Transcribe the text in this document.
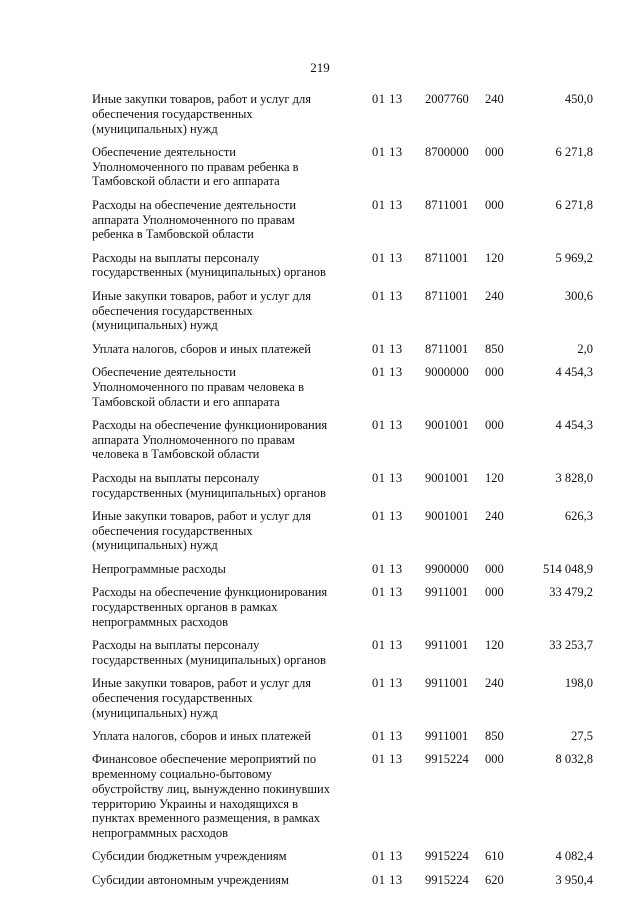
219
Иные закупки товаров, работ и услуг для
обеспечения государственных
(муниципальных) нужд
01 13 2007760 240	450,0
Обеспечение деятельности
Уполномоченного по правам ребенка в
Тамбовской области и его аппарата
01 13 8700000 000	6 271,8
Расходы на обеспечение деятельности
аппарата Уполномоченного по правам
ребенка в Тамбовской области
01 13 8711001 000	6 271,8
Расходы на выплаты персоналу
государственных (муниципальных) органов
01 13 8711001 120	5 969,2
Иные закупки товаров, работ и услуг для
обеспечения государственных
(муниципальных) нужд
01 13 8711001 240	300,6
Уплата налогов, сборов и иных платежей	01 13 8711001 850	2,0
Обеспечение деятельности
Уполномоченного по правам человека в
Тамбовской области и его аппарата
01 13 9000000 000	4 454,3
Расходы на обеспечение функционирования
аппарата Уполномоченного по правам
человека в Тамбовской области
01 13 9001001 000	4 454,3
Расходы на выплаты персоналу
государственных (муниципальных) органов
01 13 9001001 120	3 828,0
Иные закупки товаров, работ и услуг для
обеспечения государственных
(муниципальных) нужд
01 13 9001001 240	626,3
Непрограммные расходы	01 13 9900000 000	514 048,9
Расходы на обеспечение функционирования
государственных органов в рамках
непрограммных расходов
01 13 9911001 000	33 479,2
Расходы на выплаты персоналу
государственных (муниципальных) органов
01 13 9911001 120	33 253,7
Иные закупки товаров, работ и услуг для
обеспечения государственных
(муниципальных) нужд
01 13 9911001 240	198,0
Уплата налогов, сборов и иных платежей	01 13 9911001 850	27,5
Финансовое обеспечение мероприятий по
временному социально-бытовому
обустройству лиц, вынужденно покинувших
территорию Украины и находящихся в
пунктах временного размещения, в рамках
непрограммных расходов
01 13 9915224 000	8 032,8
Субсидии бюджетным учреждениям	01 13 9915224 610	4 082,4
Субсидии автономным учреждениям	01 13 9915224 620	3 950,4
